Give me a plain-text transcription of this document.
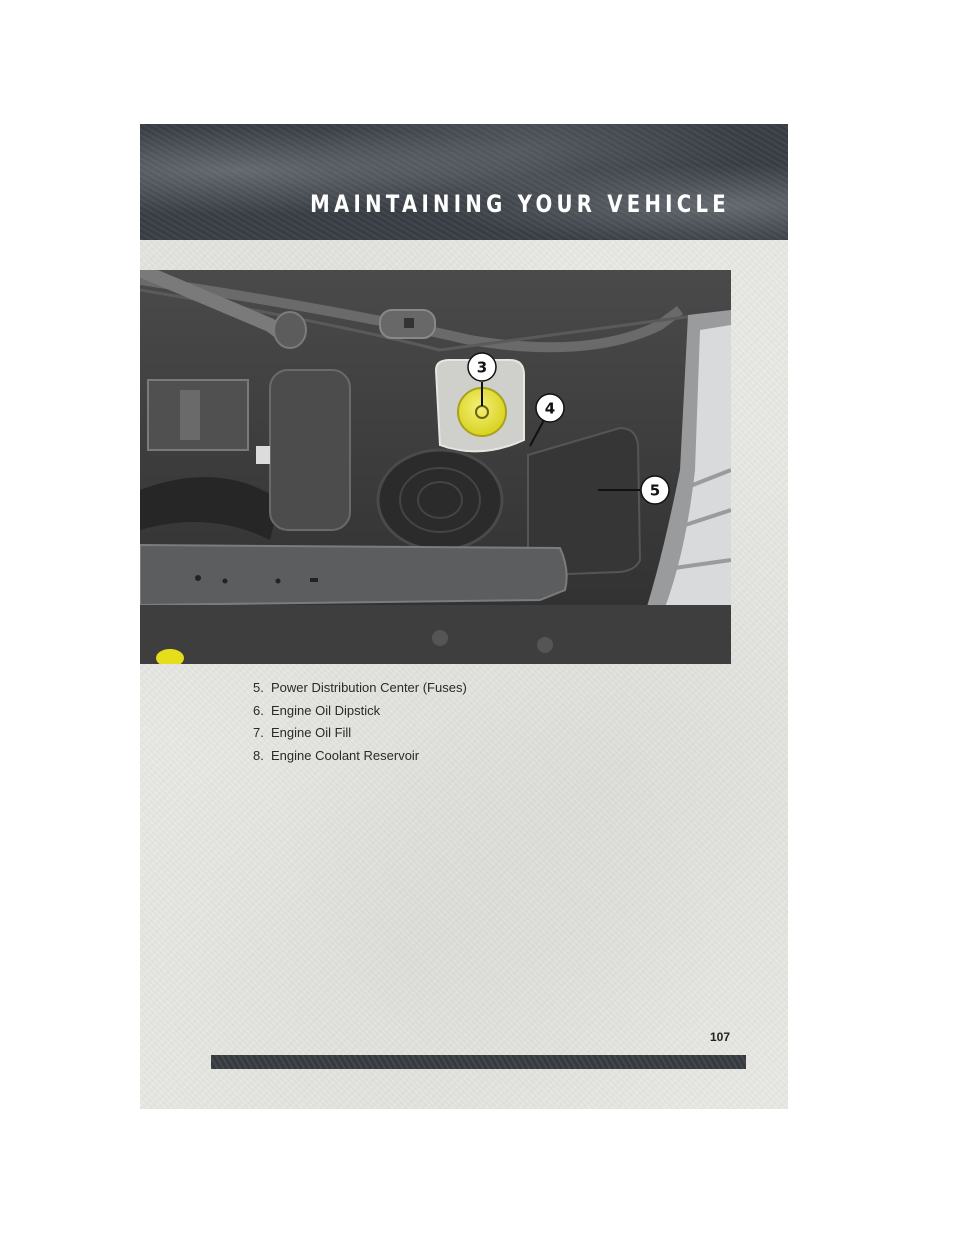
MAINTAINING YOUR VEHICLE
3
4
5
5. Power Distribution Center (Fuses)
6. Engine Oil Dipstick
7. Engine Oil Fill
8. Engine Coolant Reservoir
107
